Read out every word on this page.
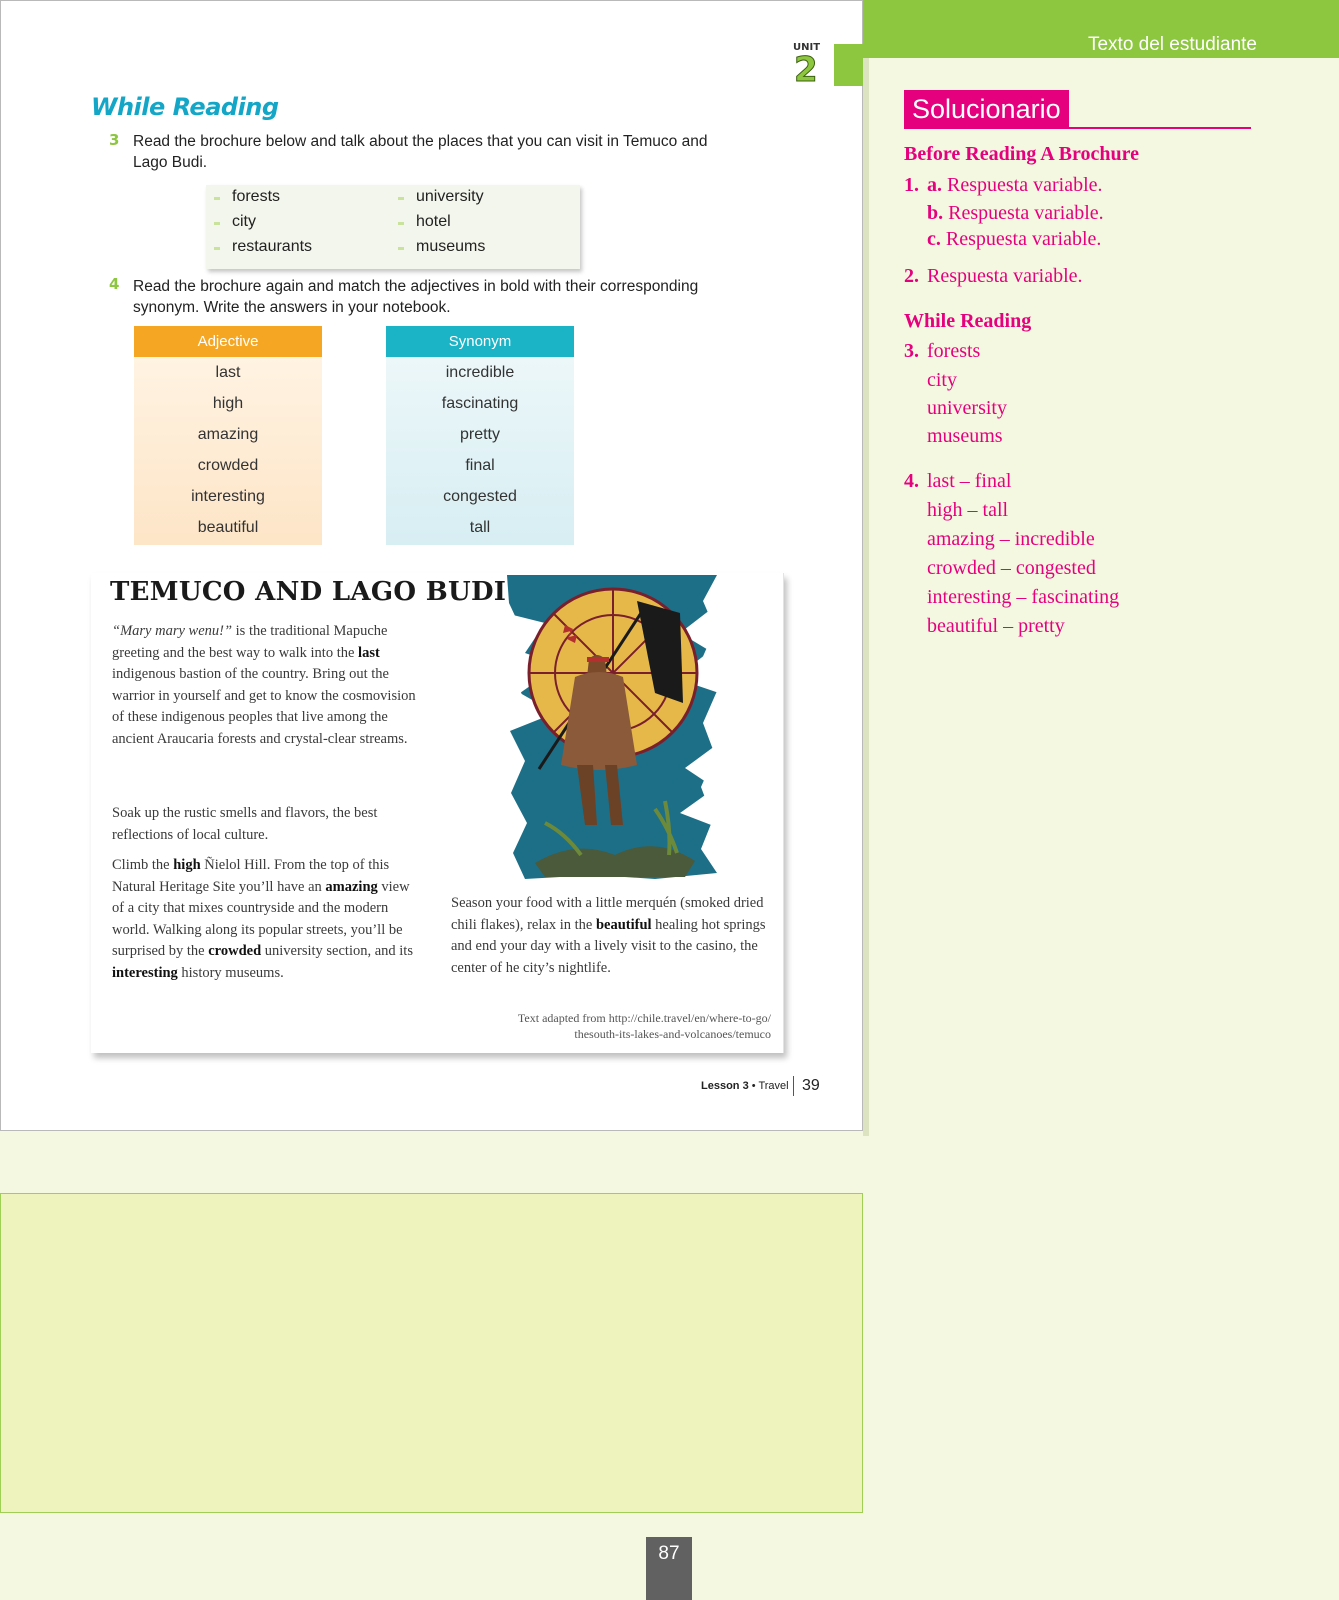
UNIT
2
While Reading
3 Read the brochure below and talk about the places that you can visit in Temuco and Lago Budi.
forests
city
restaurants
university
hotel
museums
4 Read the brochure again and match the adjectives in bold with their corresponding synonym. Write the answers in your notebook.
Adjective
last
high
amazing
crowded
interesting
beautiful
Synonym
incredible
fascinating
pretty
final
congested
tall
TEMUCO AND LAGO BUDI
“Mary mary wenu!” is the traditional Mapuche greeting and the best way to walk into the last indigenous bastion of the country. Bring out the warrior in yourself and get to know the cosmovision of these indigenous peoples that live among the ancient Araucaria forests and crystal-clear streams.
Soak up the rustic smells and flavors, the best reflections of local culture.
Climb the high Ñielol Hill. From the top of this Natural Heritage Site you’ll have an amazing view of a city that mixes countryside and the modern world. Walking along its popular streets, you’ll be surprised by the crowded university section, and its interesting history museums.
Season your food with a little merquén (smoked dried chili flakes), relax in the beautiful healing hot springs and end your day with a lively visit to the casino, the center of he city’s nightlife.
Text adapted from http://chile.travel/en/where-to-go/
thesouth-its-lakes-and-volcanoes/temuco
Lesson 3 • Travel 39
Texto del estudiante
Solucionario
Before Reading A Brochure
1. a. Respuesta variable.
b. Respuesta variable.
c. Respuesta variable.
2. Respuesta variable.
While Reading
3. forests
city
university
museums
4. last – final
high – tall
amazing – incredible
crowded – congested
interesting – fascinating
beautiful – pretty
87
